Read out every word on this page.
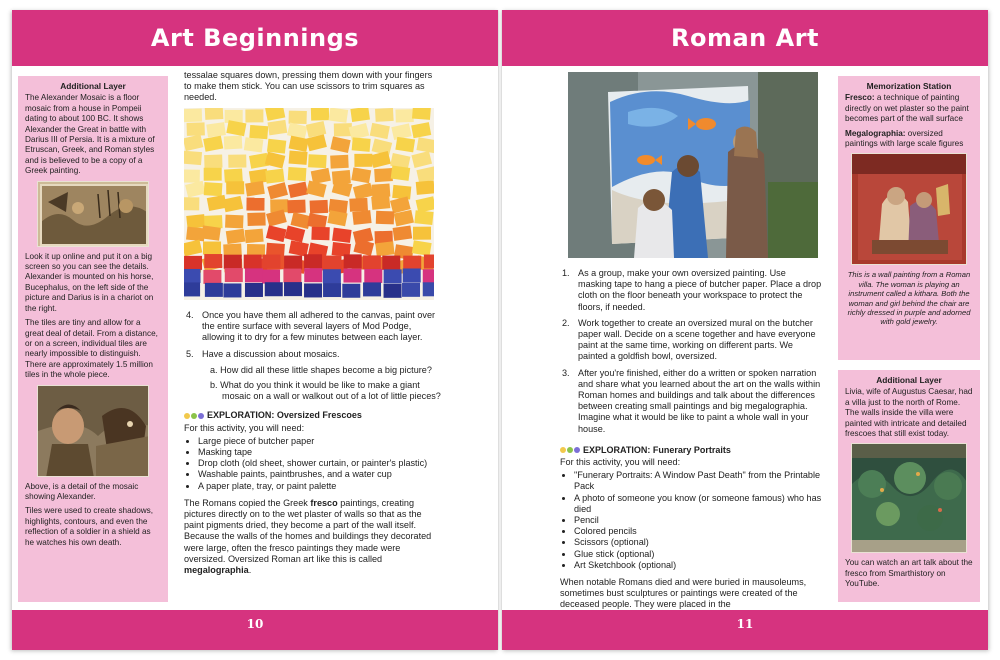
Art Beginnings
Additional Layer

The Alexander Mosaic is a floor mosaic from a house in Pompeii dating to about 100 BC. It shows Alexander the Great in battle with Darius III of Persia. It is a mixture of Etruscan, Greek, and Roman styles and is believed to be a copy of a Greek painting.

Look it up online and put it on a big screen so you can see the details. Alexander is mounted on his horse, Bucephalus, on the left side of the picture and Darius is in a chariot on the right.

The tiles are tiny and allow for a great deal of detail. From a distance, or on a screen, individual tiles are nearly impossible to distinguish. There are approximately 1.5 million tiles in the whole piece.

Above, is a detail of the mosaic showing Alexander.

Tiles were used to create shadows, highlights, contours, and even the reflection of a soldier in a shield as he watches his own death.

tessalae squares down, pressing them down with your fingers to make them stick. You can use scissors to trim squares as needed.

4. Once you have them all adhered to the canvas, paint over the entire surface with several layers of Mod Podge, allowing it to dry for a few minutes between each layer.
5. Have a discussion about mosaics.

a. How did all these little shapes become a big picture?

b. What do you think it would be like to make a giant mosaic on a wall or walkout out of a lot of little pieces?

EXPLORATION: Oversized Frescoes

For this activity, you will need:

• Large piece of butcher paper
• Masking tape
• Drop cloth (old sheet, shower curtain, or painter's plastic)
• Washable paints, paintbrushes, and a water cup
• A paper plate, tray, or paint palette

The Romans copied the Greek fresco paintings, creating pictures directly on to the wet plaster of walls so that as the paint pigments dried, they become a part of the wall itself. Because the walls of the homes and buildings they decorated were large, often the fresco paintings they made were oversized. Oversized Roman art like this is called megalographia.

10
Roman Art
1. As a group, make your own oversized painting. Use masking tape to hang a piece of butcher paper. Place a drop cloth on the floor beneath your workspace to protect the floors, if needed.
2. Work together to create an oversized mural on the butcher paper wall. Decide on a scene together and have everyone paint at the same time, working on different parts. We painted a goldfish bowl, oversized.
3. After you're finished, either do a written or spoken narration and share what you learned about the art on the walls within Roman homes and buildings and talk about the differences between creating small paintings and big megalographia. Imagine what it would be like to paint a whole wall in your house.
EXPLORATION: Funerary Portraits

For this activity, you will need:

• "Funerary Portraits: A Window Past Death" from the Printable Pack
• A photo of someone you know (or someone famous) who has died
• Pencil
• Colored pencils
• Scissors (optional)
• Glue stick (optional)
• Art Sketchbook (optional)

When notable Romans died and were buried in mausoleums, sometimes bust sculptures or paintings were created of the deceased people. They were placed in the

Memorization Station

Fresco: a technique of painting directly on wet plaster so the paint becomes part of the wall surface

Megalographia: oversized paintings with large scale figures

This is a wall painting from a Roman villa. The woman is playing an instrument called a kithara. Both the woman and girl behind the chair are richly dressed in purple and adorned with gold jewelry.

Additional Layer

Livia, wife of Augustus Caesar, had a villa just to the north of Rome. The walls inside the villa were painted with intricate and detailed frescoes that still exist today.

You can watch an art talk about the fresco from Smarthistory on YouTube.

11
